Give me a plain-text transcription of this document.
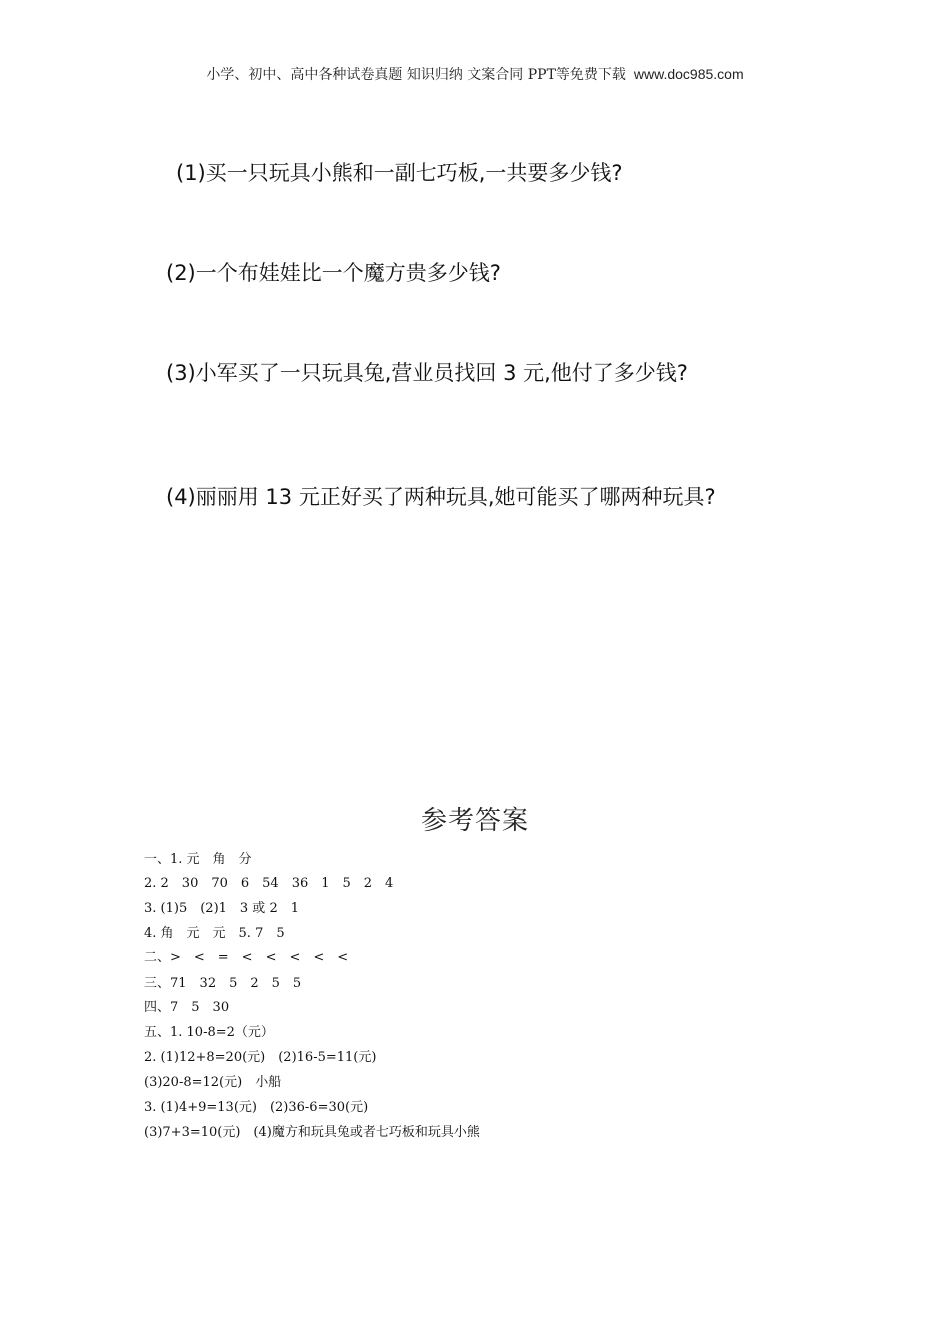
小学、初中、高中各种试卷真题 知识归纳 文案合同 PPT等免费下载 www.doc985.com
(1)买一只玩具小熊和一副七巧板,一共要多少钱?
(2)一个布娃娃比一个魔方贵多少钱?
(3)小军买了一只玩具兔,营业员找回 3 元,他付了多少钱?
(4)丽丽用 13 元正好买了两种玩具,她可能买了哪两种玩具?
参考答案
一、1. 元　角　分
2. 2　30　70　6　54　36　1　5　2　4
3. (1)5　(2)1　3 或 2　1
4. 角　元　元　5. 7　5
二、>　<　=　<　<　<　<　<
三、71　32　5　2　5　5
四、7　5　30
五、1. 10-8=2（元）
2. (1)12+8=20(元)　(2)16-5=11(元)
(3)20-8=12(元)　小船
3. (1)4+9=13(元)　(2)36-6=30(元)
(3)7+3=10(元)　(4)魔方和玩具兔或者七巧板和玩具小熊
